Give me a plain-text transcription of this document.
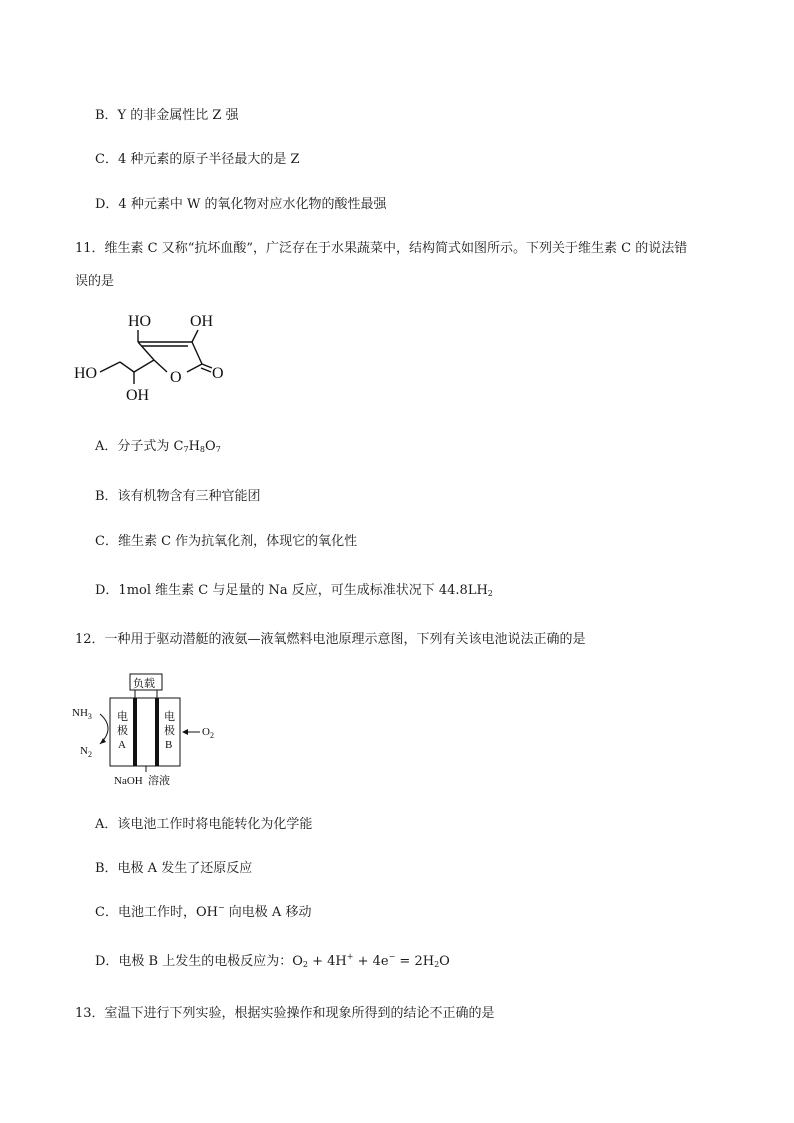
B．Y 的非金属性比 Z 强
C．4 种元素的原子半径最大的是 Z
D．4 种元素中 W 的氧化物对应水化物的酸性最强
11．维生素 C 又称“抗坏血酸”，广泛存在于水果蔬菜中，结构简式如图所示。下列关于维生素 C 的说法错
误的是
HO OH
HO
OH
O O
A．分子式为 $C_7H_8O_7$
B．该有机物含有三种官能团
C．维生素 C 作为抗氧化剂，体现它的氧化性
D．1mol 维生素 C 与足量的 Na 反应，可生成标准状况下 $44.8LH_2$
12．一种用于驱动潜艇的液氨—液氧燃料电池原理示意图，下列有关该电池说法正确的是
负载
电
极
A
电
极
B
$NH_3$
$N_2$
$O_2$
NaOH 溶液
A．该电池工作时将电能转化为化学能
B．电极 A 发生了还原反应
C．电池工作时，OH− 向电极 A 移动
D．电极 B 上发生的电极反应为：$O_2 + 4H^+ + 4e^- = 2H_2O$
13．室温下进行下列实验，根据实验操作和现象所得到的结论不正确的是
